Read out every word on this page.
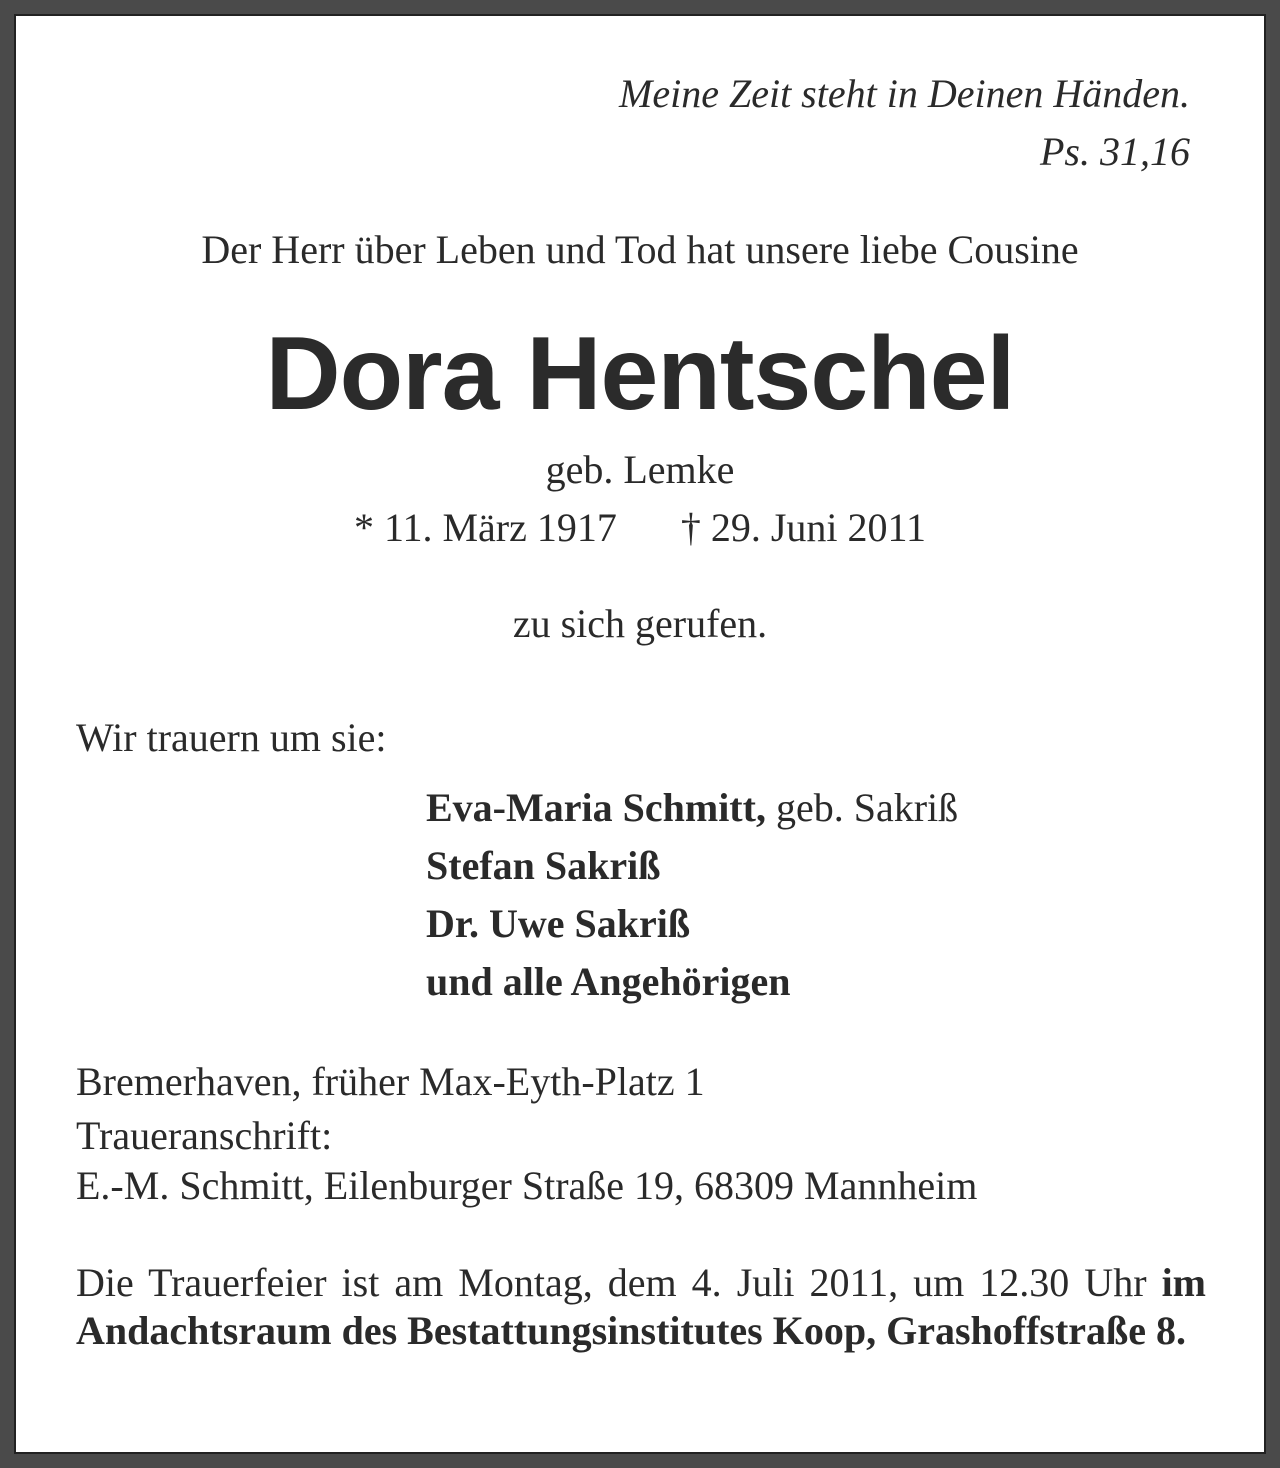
Meine Zeit steht in Deinen Händen.
Ps. 31,16
Der Herr über Leben und Tod hat unsere liebe Cousine
Dora Hentschel
geb. Lemke
* 11. März 1917 † 29. Juni 2011
zu sich gerufen.
Wir trauern um sie:
Eva-Maria Schmitt, geb. Sakriß
Stefan Sakriß
Dr. Uwe Sakriß
und alle Angehörigen
Bremerhaven, früher Max-Eyth-Platz 1
Traueranschrift:
E.-M. Schmitt, Eilenburger Straße 19, 68309 Mannheim

Die Trauerfeier ist am Montag, dem 4. Juli 2011, um 12.30 Uhr im Andachtsraum des Bestattungsinstitutes Koop, Grashoffstraße 8.
